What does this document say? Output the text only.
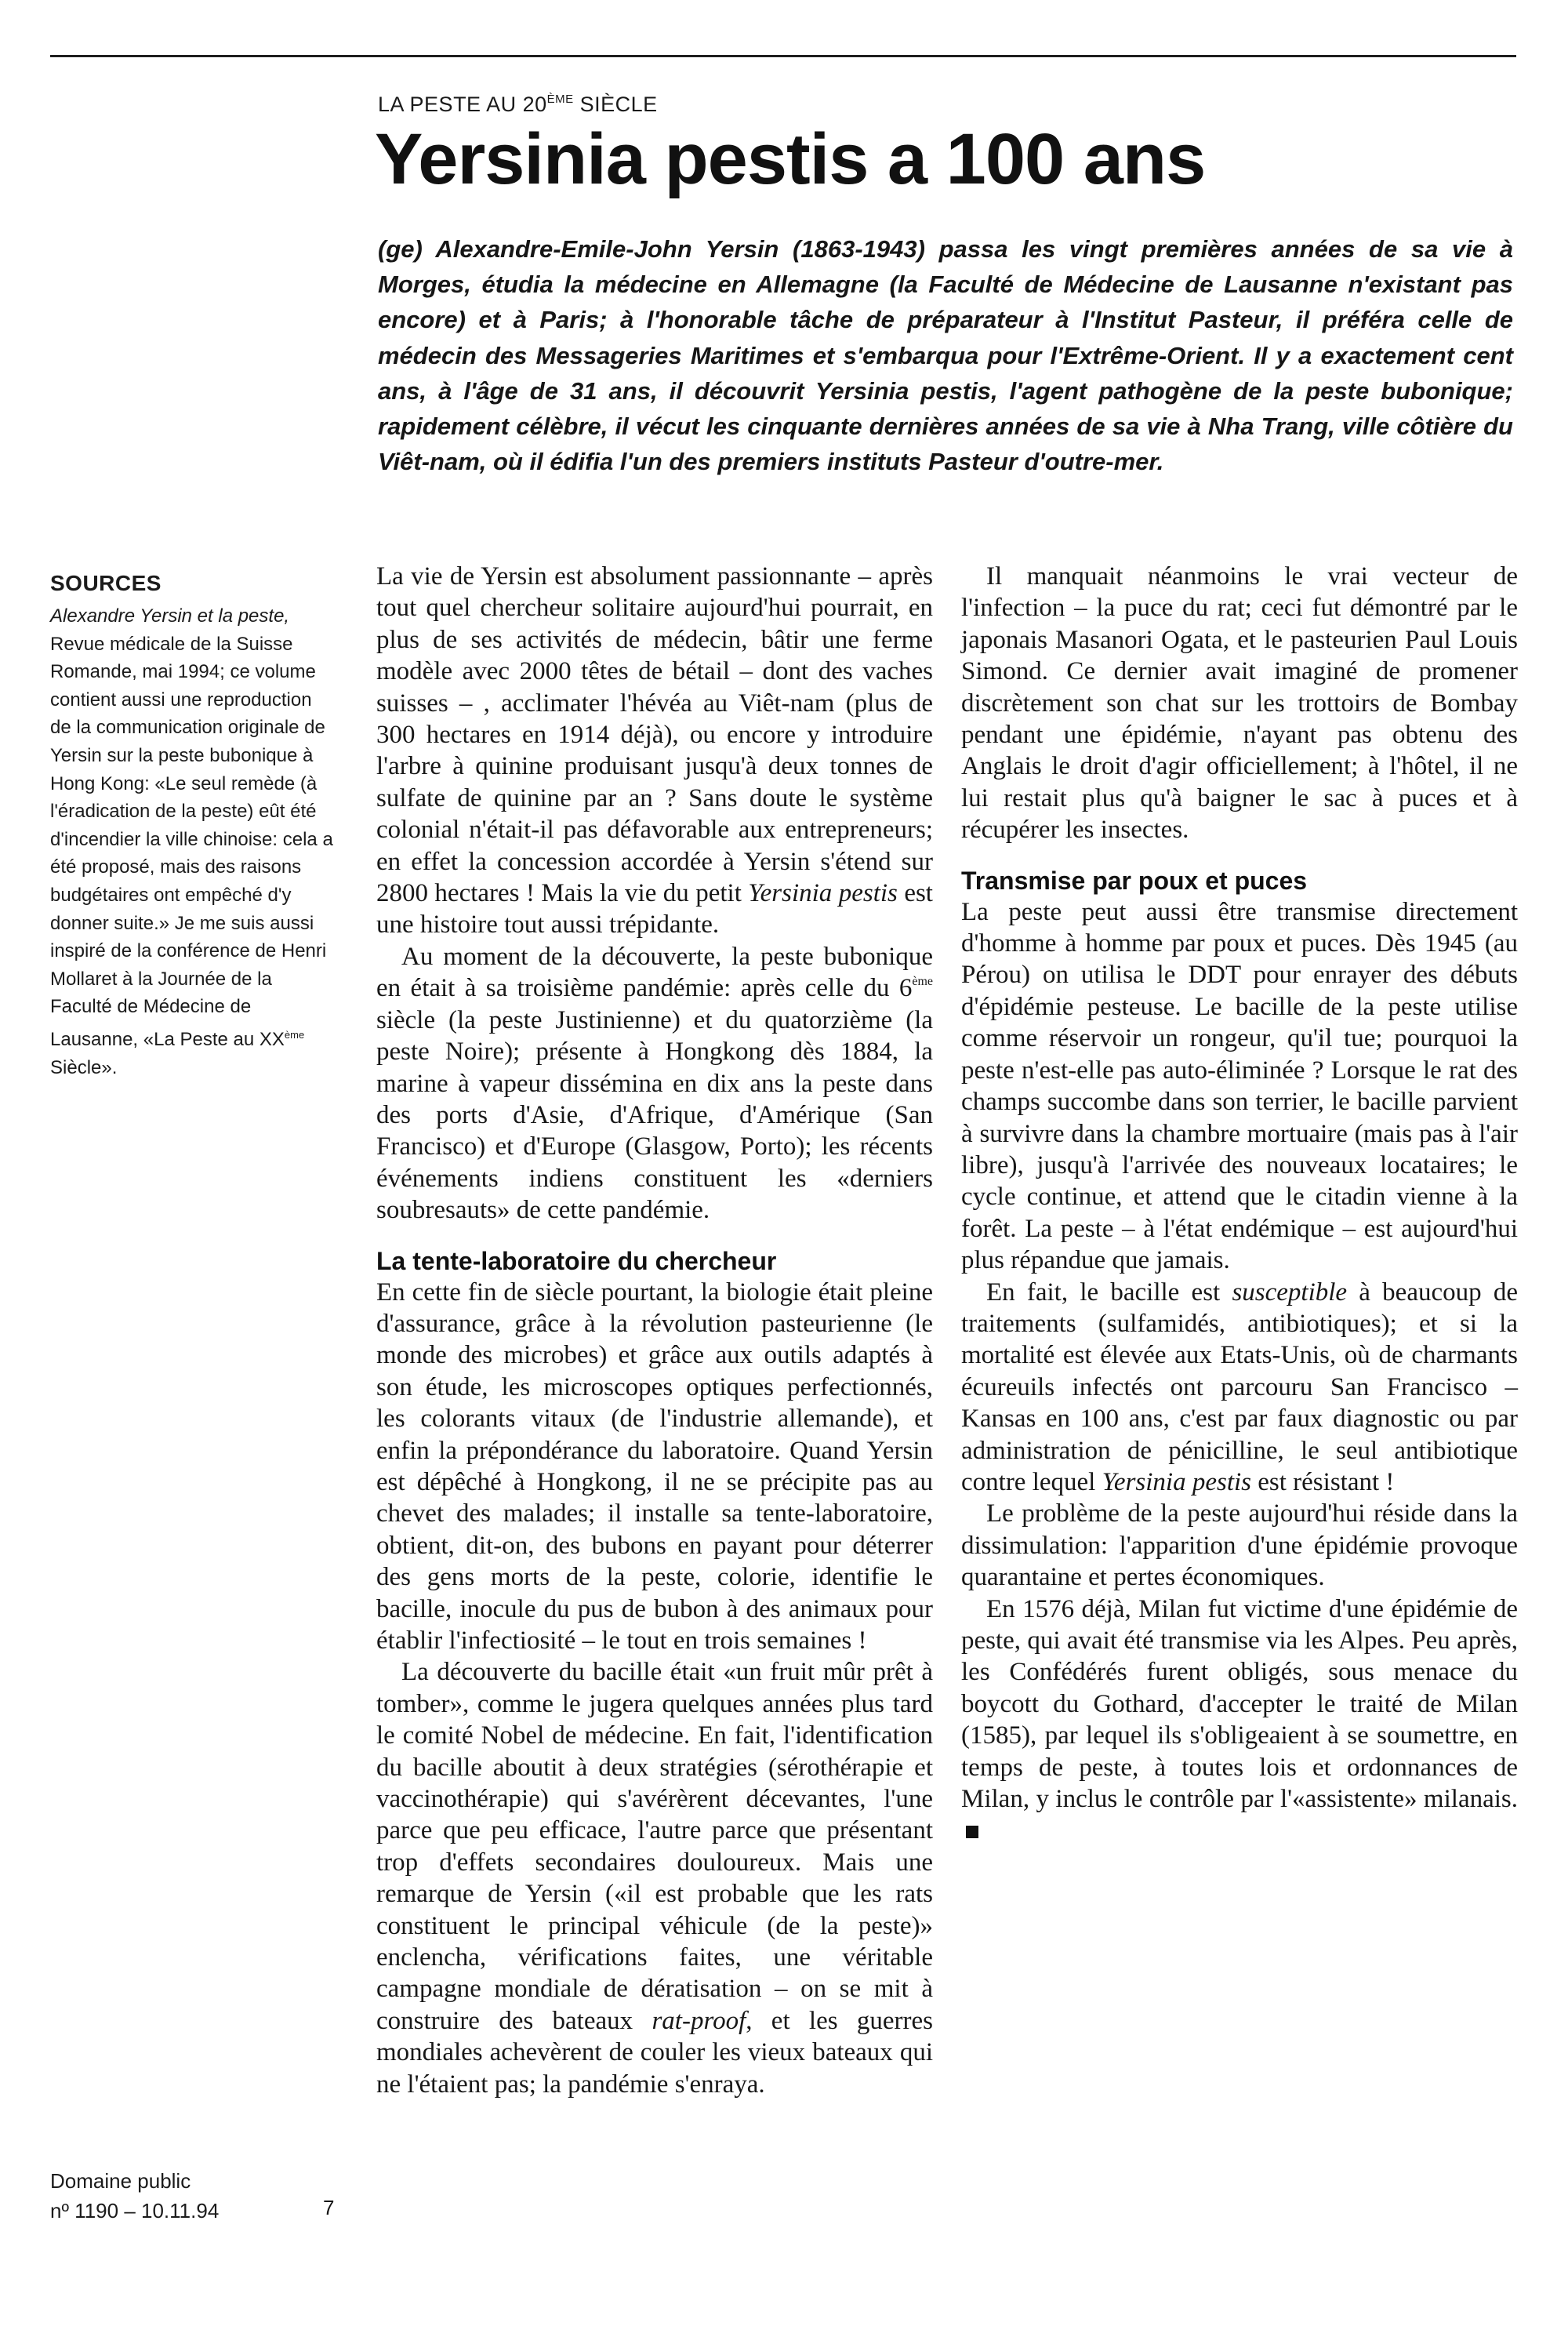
LA PESTE AU 20ÈME SIÈCLE
Yersinia pestis a 100 ans

(ge) Alexandre-Emile-John Yersin (1863-1943) passa les vingt premières années de sa vie à Morges, étudia la médecine en Allemagne (la Faculté de Médecine de Lausanne n'existant pas encore) et à Paris; à l'honorable tâche de préparateur à l'Institut Pasteur, il préféra celle de médecin des Messageries Maritimes et s'embarqua pour l'Extrême-Orient. Il y a exactement cent ans, à l'âge de 31 ans, il découvrit Yersinia pestis, l'agent pathogène de la peste bubonique; rapidement célèbre, il vécut les cinquante dernières années de sa vie à Nha Trang, ville côtière du Viêt-nam, où il édifia l'un des premiers instituts Pasteur d'outre-mer.

SOURCES

Alexandre Yersin et la peste, Revue médicale de la Suisse Romande, mai 1994; ce volume contient aussi une reproduction de la communication originale de Yersin sur la peste bubonique à Hong Kong: «Le seul remède (à l'éradication de la peste) eût été d'incendier la ville chinoise: cela a été proposé, mais des raisons budgétaires ont empêché d'y donner suite.» Je me suis aussi inspiré de la conférence de Henri Mollaret à la Journée de la Faculté de Médecine de Lausanne, «La Peste au XXème Siècle».

Domaine public
nº 1190 – 10.11.94	7

La vie de Yersin est absolument passionnante – après tout quel chercheur solitaire aujourd'hui pourrait, en plus de ses activités de médecin, bâtir une ferme modèle avec 2000 têtes de bétail – dont des vaches suisses – , acclimater l'hévéa au Viêt-nam (plus de 300 hectares en 1914 déjà), ou encore y introduire l'arbre à quinine produisant jusqu'à deux tonnes de sulfate de quinine par an ? Sans doute le système colonial n'était-il pas défavorable aux entrepreneurs; en effet la concession accordée à Yersin s'étend sur 2800 hectares ! Mais la vie du petit Yersinia pestis est une histoire tout aussi trépidante.

Au moment de la découverte, la peste bubonique en était à sa troisième pandémie: après celle du 6ème siècle (la peste Justinienne) et du quatorzième (la peste Noire); présente à Hongkong dès 1884, la marine à vapeur dissémina en dix ans la peste dans des ports d'Asie, d'Afrique, d'Amérique (San Francisco) et d'Europe (Glasgow, Porto); les récents événements indiens constituent les «derniers soubresauts» de cette pandémie.

La tente-laboratoire du chercheur

En cette fin de siècle pourtant, la biologie était pleine d'assurance, grâce à la révolution pasteurienne (le monde des microbes) et grâce aux outils adaptés à son étude, les microscopes optiques perfectionnés, les colorants vitaux (de l'industrie allemande), et enfin la prépondérance du laboratoire. Quand Yersin est dépêché à Hongkong, il ne se précipite pas au chevet des malades; il installe sa tente-laboratoire, obtient, dit-on, des bubons en payant pour déterrer des gens morts de la peste, colorie, identifie le bacille, inocule du pus de bubon à des animaux pour établir l'infectiosité – le tout en trois semaines !

La découverte du bacille était «un fruit mûr prêt à tomber», comme le jugera quelques années plus tard le comité Nobel de médecine. En fait, l'identification du bacille aboutit à deux stratégies (sérothérapie et vaccinothérapie) qui s'avérèrent décevantes, l'une parce que peu efficace, l'autre parce que présentant trop d'effets secondaires douloureux. Mais une remarque de Yersin («il est probable que les rats constituent le principal véhicule (de la peste)» enclencha, vérifications faites, une véritable campagne mondiale de dératisation – on se mit à construire des bateaux rat-proof, et les guerres mondiales achevèrent de couler les vieux bateaux qui ne l'étaient pas; la pandémie s'enraya.

Il manquait néanmoins le vrai vecteur de l'infection – la puce du rat; ceci fut démontré par le japonais Masanori Ogata, et le pasteurien Paul Louis Simond. Ce dernier avait imaginé de promener discrètement son chat sur les trottoirs de Bombay pendant une épidémie, n'ayant pas obtenu des Anglais le droit d'agir officiellement; à l'hôtel, il ne lui restait plus qu'à baigner le sac à puces et à récupérer les insectes.

Transmise par poux et puces

La peste peut aussi être transmise directement d'homme à homme par poux et puces. Dès 1945 (au Pérou) on utilisa le DDT pour enrayer des débuts d'épidémie pesteuse. Le bacille de la peste utilise comme réservoir un rongeur, qu'il tue; pourquoi la peste n'est-elle pas auto-éliminée ? Lorsque le rat des champs succombe dans son terrier, le bacille parvient à survivre dans la chambre mortuaire (mais pas à l'air libre), jusqu'à l'arrivée des nouveaux locataires; le cycle continue, et attend que le citadin vienne à la forêt. La peste – à l'état endémique – est aujourd'hui plus répandue que jamais.

En fait, le bacille est susceptible à beaucoup de traitements (sulfamidés, antibiotiques); et si la mortalité est élevée aux Etats-Unis, où de charmants écureuils infectés ont parcouru San Francisco – Kansas en 100 ans, c'est par faux diagnostic ou par administration de pénicilline, le seul antibiotique contre lequel Yersinia pestis est résistant !

Le problème de la peste aujourd'hui réside dans la dissimulation: l'apparition d'une épidémie provoque quarantaine et pertes économiques.

En 1576 déjà, Milan fut victime d'une épidémie de peste, qui avait été transmise via les Alpes. Peu après, les Confédérés furent obligés, sous menace du boycott du Gothard, d'accepter le traité de Milan (1585), par lequel ils s'obligeaient à se soumettre, en temps de peste, à toutes lois et ordonnances de Milan, y inclus le contrôle par l'«assistente» milanais.
